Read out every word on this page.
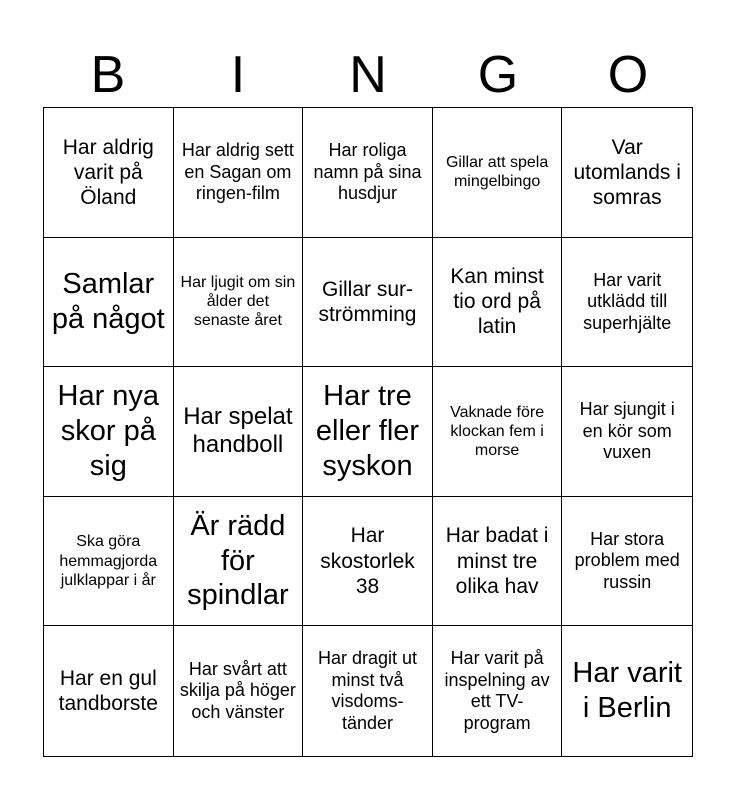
B	I	N	G	O
Har aldrig varit på Öland
Har aldrig sett en Sagan om ringen-film
Har roliga namn på sina husdjur
Gillar att spela mingelbingo
Var utomlands i somras
Samlar på något
Har ljugit om sin ålder det senaste året
Gillar sur-strömming
Kan minst tio ord på latin
Har varit utklädd till superhjälte
Har nya skor på sig
Har spelat handboll
Har tre eller fler syskon
Vaknade före klockan fem i morse
Har sjungit i en kör som vuxen
Ska göra hemmagjorda julklappar i år
Är rädd för spindlar
Har skostorlek 38
Har badat i minst tre olika hav
Har stora problem med russin
Har en gul tandborste
Har svårt att skilja på höger och vänster
Har dragit ut minst två visdoms-tänder
Har varit på inspelning av ett TV-program
Har varit i Berlin
